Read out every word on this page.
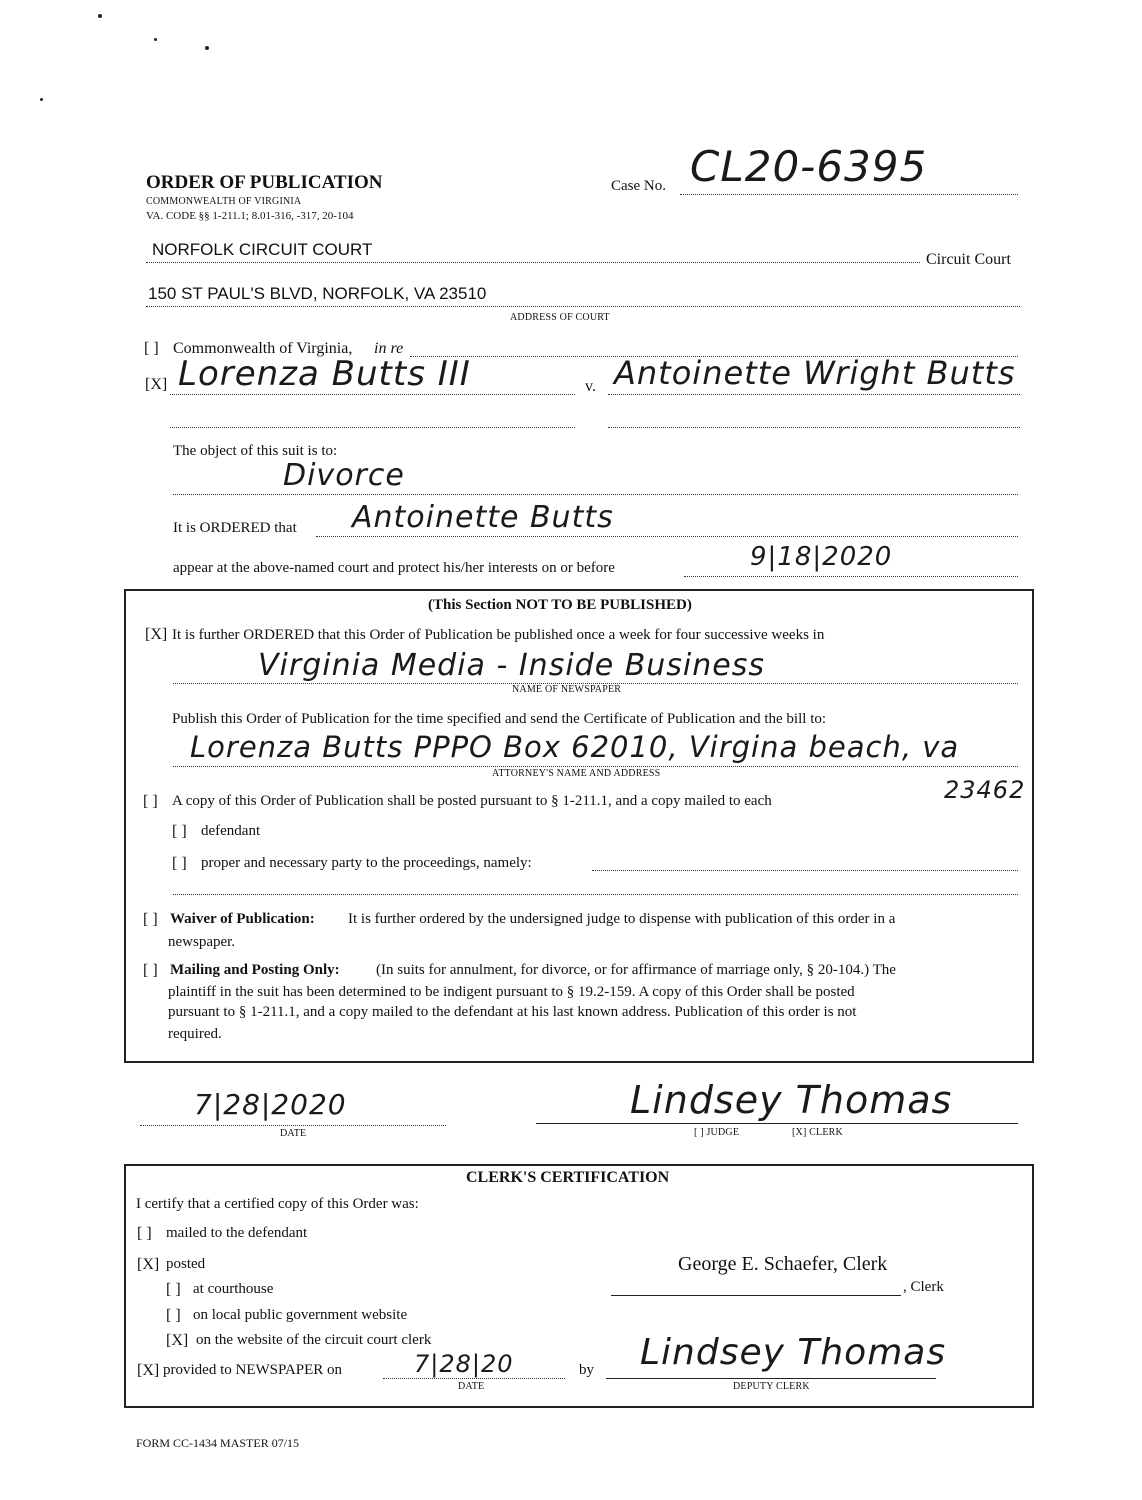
ORDER OF PUBLICATION
COMMONWEALTH OF VIRGINIA
VA. CODE §§ 1-211.1; 8.01-316, -317, 20-104
Case No. CL20-6395
NORFOLK CIRCUIT COURT
Circuit Court
150 ST PAUL'S BLVD, NORFOLK, VA 23510
ADDRESS OF COURT
[ ] Commonwealth of Virginia, in re
[X] Lorenza Butts III	v. Antoinette Wright Butts
The object of this suit is to:
Divorce
It is ORDERED that Antoinette Butts
appear at the above-named court and protect his/her interests on or before	9|18|2020
(This Section NOT TO BE PUBLISHED)
[X] It is further ORDERED that this Order of Publication be published once a week for four successive weeks in
Virginia Media - Inside Business
NAME OF NEWSPAPER
Publish this Order of Publication for the time specified and send the Certificate of Publication and the bill to:
Lorenza Butts PPPO Box 62010, Virgina beach, va
ATTORNEY'S NAME AND ADDRESS
23462
[ ] A copy of this Order of Publication shall be posted pursuant to § 1-211.1, and a copy mailed to each
[ ] defendant
[ ] proper and necessary party to the proceedings, namely:
[ ] Waiver of Publication: It is further ordered by the undersigned judge to dispense with publication of this order in a
newspaper.
[ ] Mailing and Posting Only: (In suits for annulment, for divorce, or for affirmance of marriage only, § 20-104.) The
plaintiff in the suit has been determined to be indigent pursuant to § 19.2-159. A copy of this Order shall be posted
pursuant to § 1-211.1, and a copy mailed to the defendant at his last known address. Publication of this order is not
required.
7|28|2020
DATE
Lindsey Thomas
[ ] JUDGE	[X] CLERK
CLERK'S CERTIFICATION
I certify that a certified copy of this Order was:
[ ] mailed to the defendant
[X] posted
[ ] at courthouse
[ ] on local public government website
[X] on the website of the circuit court clerk
George E. Schaefer, Clerk
, Clerk
[X] provided to NEWSPAPER on	7|28|20
DATE
by Lindsey Thomas
DEPUTY CLERK
FORM CC-1434 MASTER 07/15
